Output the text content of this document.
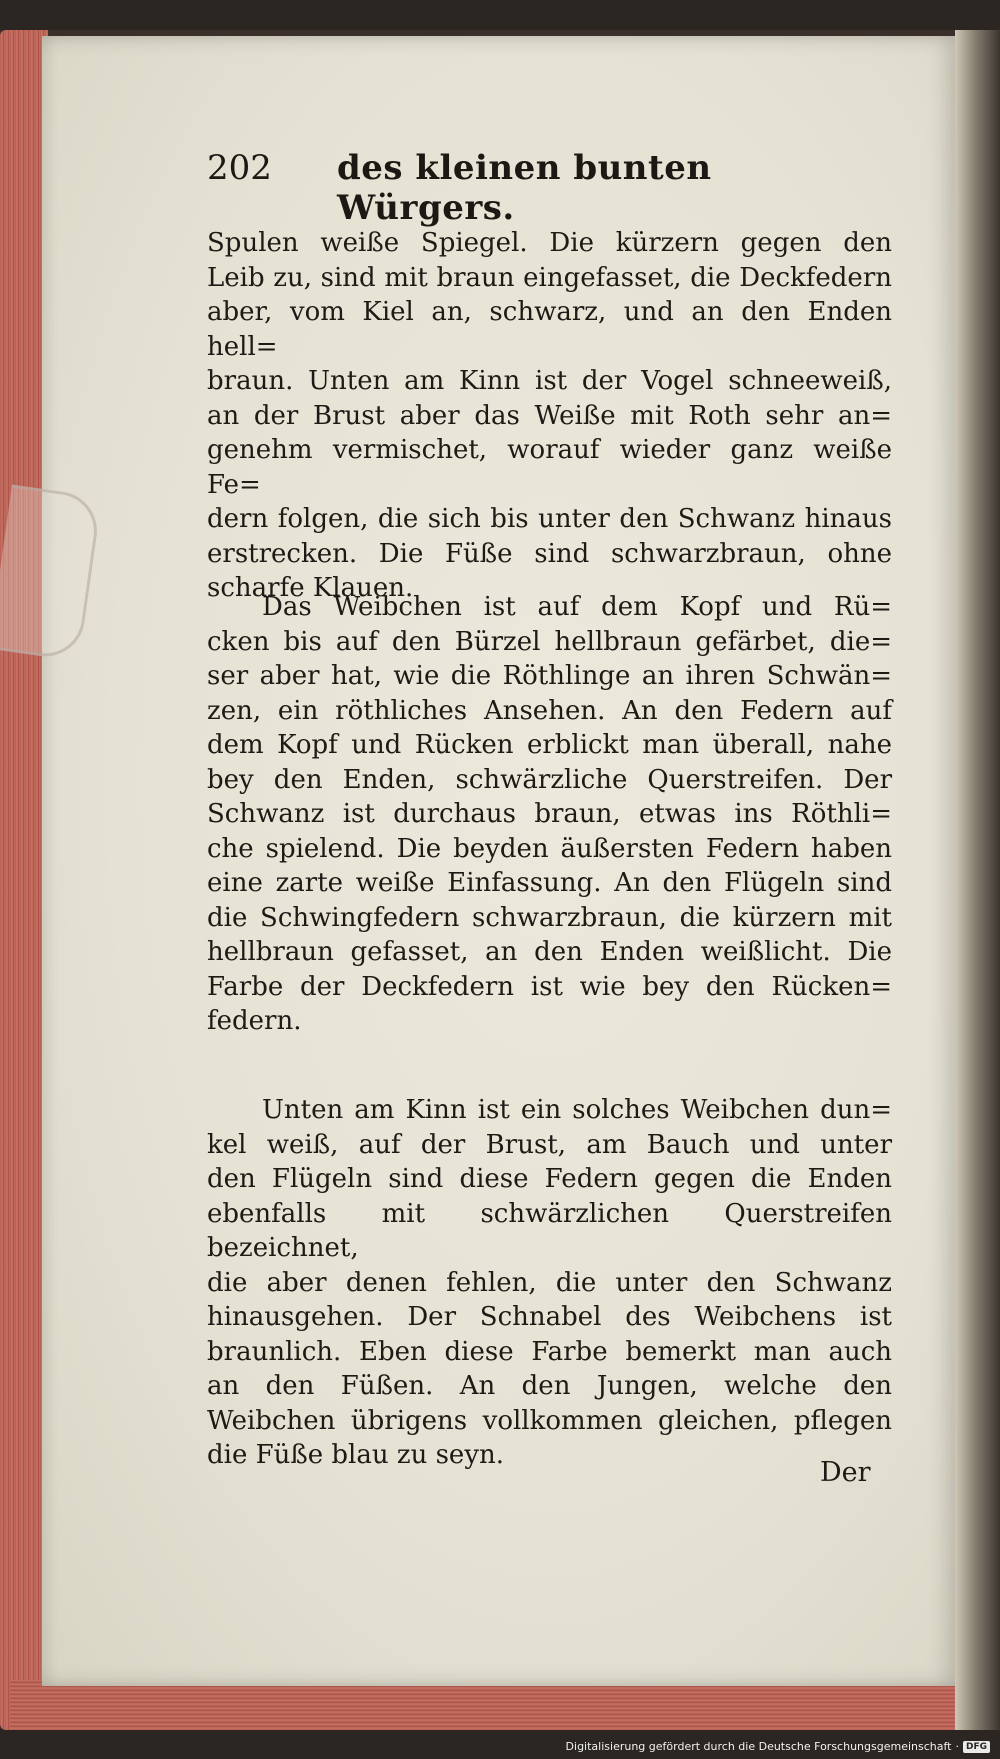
202 des kleinen bunten Würgers.

Spulen weiße Spiegel. Die kürzern gegen den
Leib zu, sind mit braun eingefasset, die Deckfedern
aber, vom Kiel an, schwarz, und an den Enden hell=
braun. Unten am Kinn ist der Vogel schneeweiß,
an der Brust aber das Weiße mit Roth sehr an=
genehm vermischet, worauf wieder ganz weiße Fe=
dern folgen, die sich bis unter den Schwanz hinaus
erstrecken. Die Füße sind schwarzbraun, ohne
scharfe Klauen.

Das Weibchen ist auf dem Kopf und Rü=
cken bis auf den Bürzel hellbraun gefärbet, die=
ser aber hat, wie die Röthlinge an ihren Schwän=
zen, ein röthliches Ansehen. An den Federn auf
dem Kopf und Rücken erblickt man überall, nahe
bey den Enden, schwärzliche Querstreifen. Der
Schwanz ist durchaus braun, etwas ins Röthli=
che spielend. Die beyden äußersten Federn haben
eine zarte weiße Einfassung. An den Flügeln sind
die Schwingfedern schwarzbraun, die kürzern mit
hellbraun gefasset, an den Enden weißlicht. Die
Farbe der Deckfedern ist wie bey den Rücken=
federn.

Unten am Kinn ist ein solches Weibchen dun=
kel weiß, auf der Brust, am Bauch und unter
den Flügeln sind diese Federn gegen die Enden
ebenfalls mit schwärzlichen Querstreifen bezeichnet,
die aber denen fehlen, die unter den Schwanz
hinausgehen. Der Schnabel des Weibchens ist
braunlich. Eben diese Farbe bemerkt man auch
an den Füßen. An den Jungen, welche den
Weibchen übrigens vollkommen gleichen, pflegen
die Füße blau zu seyn.

Der
Digitalisierung gefördert durch die Deutsche Forschungsgemeinschaft · DFG
